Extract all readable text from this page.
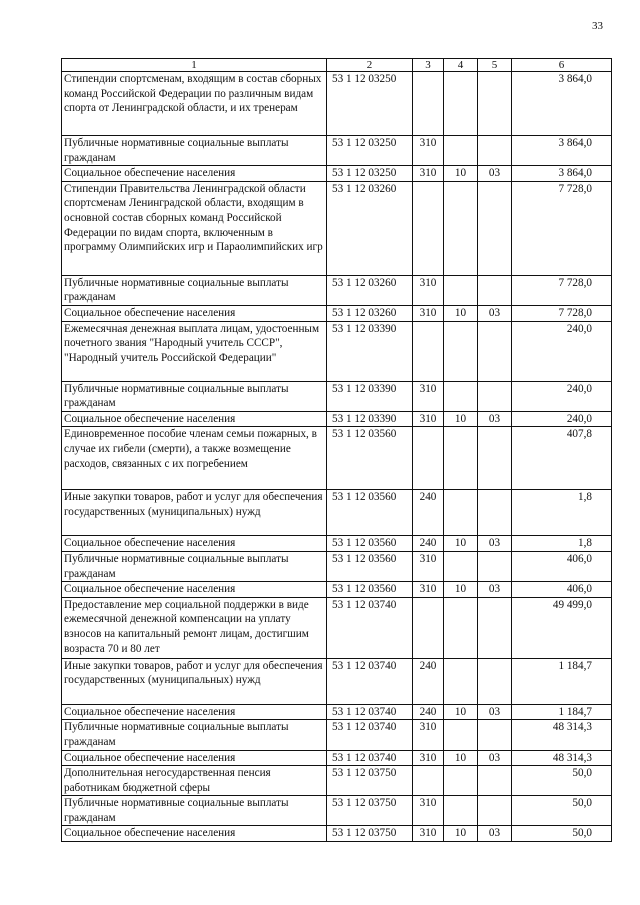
33
1	2	3	4	5	6
Стипендии спортсменам, входящим в состав сборных команд Российской Федерации по различным видам спорта от Ленинградской области, и их тренерам	53 1 12 03250				3 864,0
Публичные нормативные социальные выплаты гражданам	53 1 12 03250	310			3 864,0
Социальное обеспечение населения	53 1 12 03250	310	10	03	3 864,0
Стипендии Правительства Ленинградской области спортсменам Ленинградской области, входящим в основной состав сборных команд Российской Федерации по видам спорта, включенным в программу Олимпийских игр и Параолимпийских игр	53 1 12 03260				7 728,0
Публичные нормативные социальные выплаты гражданам	53 1 12 03260	310			7 728,0
Социальное обеспечение населения	53 1 12 03260	310	10	03	7 728,0
Ежемесячная денежная выплата лицам, удостоенным почетного звания "Народный учитель СССР", "Народный учитель Российской Федерации"	53 1 12 03390				240,0
Публичные нормативные социальные выплаты гражданам	53 1 12 03390	310			240,0
Социальное обеспечение населения	53 1 12 03390	310	10	03	240,0
Единовременное пособие членам семьи пожарных, в случае их гибели (смерти), а также возмещение расходов, связанных с их погребением	53 1 12 03560				407,8
Иные закупки товаров, работ и услуг для обеспечения государственных (муниципальных) нужд	53 1 12 03560	240			1,8
Социальное обеспечение населения	53 1 12 03560	240	10	03	1,8
Публичные нормативные социальные выплаты гражданам	53 1 12 03560	310			406,0
Социальное обеспечение населения	53 1 12 03560	310	10	03	406,0
Предоставление мер социальной поддержки в виде ежемесячной денежной компенсации на уплату взносов на капитальный ремонт лицам, достигшим возраста 70 и 80 лет	53 1 12 03740				49 499,0
Иные закупки товаров, работ и услуг для обеспечения государственных (муниципальных) нужд	53 1 12 03740	240			1 184,7
Социальное обеспечение населения	53 1 12 03740	240	10	03	1 184,7
Публичные нормативные социальные выплаты гражданам	53 1 12 03740	310			48 314,3
Социальное обеспечение населения	53 1 12 03740	310	10	03	48 314,3
Дополнительная негосударственная пенсия работникам бюджетной сферы	53 1 12 03750				50,0
Публичные нормативные социальные выплаты гражданам	53 1 12 03750	310			50,0
Социальное обеспечение населения	53 1 12 03750	310	10	03	50,0
